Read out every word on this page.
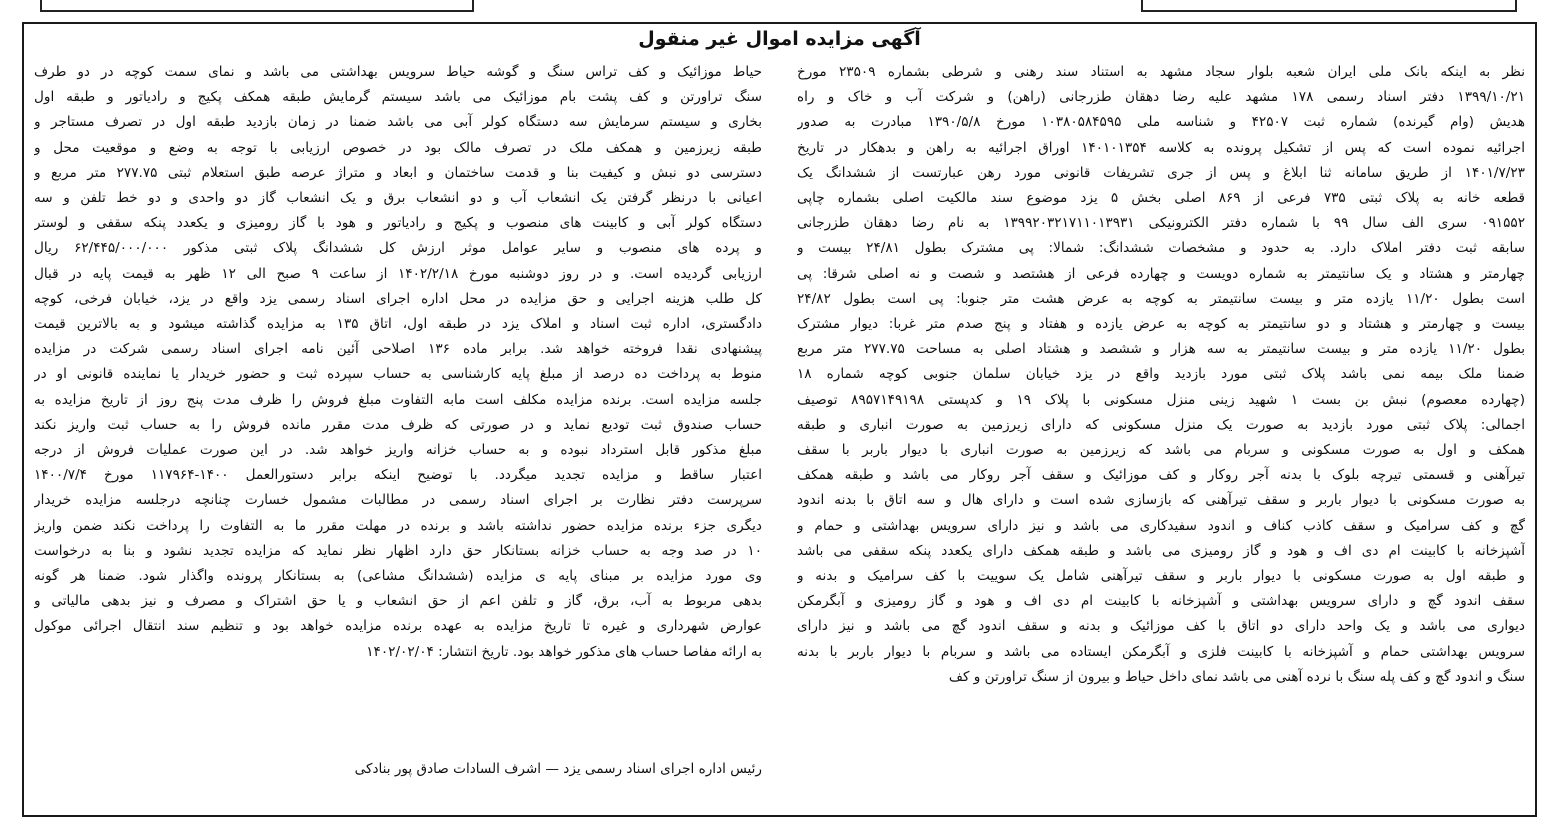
آگهی مزایده اموال غیر منقول
نظر به اینکه بانک ملی ایران شعبه بلوار سجاد مشهد به استناد سند رهنی و شرطی بشماره ۲۳۵۰۹ مورخ
۱۳۹۹/۱۰/۲۱ دفتر اسناد رسمی ۱۷۸ مشهد علیه رضا دهقان طزرجانی (راهن) و شرکت آب و خاک و راه
هدیش (وام گیرنده) شماره ثبت ۴۲۵۰۷ و شناسه ملی ۱۰۳۸۰۵۸۴۵۹۵ مورخ ۱۳۹۰/۵/۸ مبادرت به صدور
اجرائیه نموده است که پس از تشکیل پرونده به کلاسه ۱۴۰۱۰۱۳۵۴ اوراق اجرائیه به راهن و بدهکار در تاریخ
۱۴۰۱/۷/۲۳ از طریق سامانه ثنا ابلاغ و پس از جری تشریفات قانونی مورد رهن عبارتست از ششدانگ یک
قطعه خانه به پلاک ثبتی ۷۳۵ فرعی از ۸۶۹ اصلی بخش ۵ یزد موضوع سند مالکیت اصلی بشماره چاپی
۰۹۱۵۵۲ سری الف سال ۹۹ با شماره دفتر الکترونیکی ۱۳۹۹۲۰۳۲۱۷۱۱۰۱۳۹۳۱ به نام رضا دهقان طزرجانی
سابقه ثبت دفتر املاک دارد. به حدود و مشخصات ششدانگ: شمالا: پی مشترک بطول ۲۴/۸۱ بیست و
چهارمتر و هشتاد و یک سانتیمتر به شماره دویست و چهارده فرعی از هشتصد و شصت و نه اصلی شرقا: پی
است بطول ۱۱/۲۰ یازده متر و بیست سانتیمتر به کوچه به عرض هشت متر جنوبا: پی است بطول ۲۴/۸۲
بیست و چهارمتر و هشتاد و دو سانتیمتر به کوچه به عرض یازده و هفتاد و پنج صدم متر غربا: دیوار مشترک
بطول ۱۱/۲۰ یازده متر و بیست سانتیمتر به سه هزار و ششصد و هشتاد اصلی به مساحت ۲۷۷.۷۵ متر مربع
ضمنا ملک بیمه نمی باشد پلاک ثبتی مورد بازدید واقع در یزد خیابان سلمان جنوبی کوچه شماره ۱۸
(چهارده معصوم) نبش بن بست ۱ شهید زینی منزل مسکونی با پلاک ۱۹ و کدپستی ۸۹۵۷۱۴۹۱۹۸ توصیف
اجمالی: پلاک ثبتی مورد بازدید به صورت یک منزل مسکونی که دارای زیرزمین به صورت انباری و طبقه
همکف و اول به صورت مسکونی و سربام می باشد که زیرزمین به صورت انباری با دیوار باربر با سقف
تیرآهنی و قسمتی تیرچه بلوک با بدنه آجر روکار و کف موزائیک و سقف آجر روکار می باشد و طبقه همکف
به صورت مسکونی با دیوار باربر و سقف تیرآهنی که بازسازی شده است و دارای هال و سه اتاق با بدنه اندود
گچ و کف سرامیک و سقف کاذب کناف و اندود سفیدکاری می باشد و نیز دارای سرویس بهداشتی و حمام و
آشپزخانه با کابینت ام دی اف و هود و گاز رومیزی می باشد و طبقه همکف دارای یکعدد پنکه سقفی می باشد
و طبقه اول به صورت مسکونی با دیوار باربر و سقف تیرآهنی شامل یک سوییت با کف سرامیک و بدنه و
سقف اندود گچ و دارای سرویس بهداشتی و آشپزخانه با کابینت ام دی اف و هود و گاز رومیزی و آبگرمکن
دیواری می باشد و یک واحد دارای دو اتاق با کف موزائیک و بدنه و سقف اندود گچ می باشد و نیز دارای
سرویس بهداشتی حمام و آشپزخانه با کابینت فلزی و آبگرمکن ایستاده می باشد و سربام با دیوار باربر با بدنه
سنگ و اندود گچ و کف پله سنگ با نرده آهنی می باشد نمای داخل حیاط و بیرون از سنگ تراورتن و کف
حیاط موزائیک و کف تراس سنگ و گوشه حیاط سرویس بهداشتی می باشد و نمای سمت کوچه در دو طرف
سنگ تراورتن و کف پشت بام موزائیک می باشد سیستم گرمایش طبقه همکف پکیج و رادیاتور و طبقه اول
بخاری و سیستم سرمایش سه دستگاه کولر آبی می باشد ضمنا در زمان بازدید طبقه اول در تصرف مستاجر و
طبقه زیرزمین و همکف ملک در تصرف مالک بود در خصوص ارزیابی با توجه به وضع و موقعیت محل و
دسترسی دو نبش و کیفیت بنا و قدمت ساختمان و ابعاد و متراژ عرصه طبق استعلام ثبتی ۲۷۷.۷۵ متر مربع و
اعیانی با درنظر گرفتن یک انشعاب آب و دو انشعاب برق و یک انشعاب گاز دو واحدی و دو خط تلفن و سه
دستگاه کولر آبی و کابینت های منصوب و پکیج و رادیاتور و هود با گاز رومیزی و یکعدد پنکه سقفی و لوستر
و پرده های منصوب و سایر عوامل موثر ارزش کل ششدانگ پلاک ثبتی مذکور ۶۲/۴۴۵/۰۰۰/۰۰۰ ریال
ارزیابی گردیده است. و در روز دوشنبه مورخ ۱۴۰۲/۲/۱۸ از ساعت ۹ صبح الی ۱۲ ظهر به قیمت پایه در قبال
کل طلب هزینه اجرایی و حق مزایده در محل اداره اجرای اسناد رسمی یزد واقع در یزد، خیابان فرخی، کوچه
دادگستری، اداره ثبت اسناد و املاک یزد در طبقه اول، اتاق ۱۳۵ به مزایده گذاشته میشود و به بالاترین قیمت
پیشنهادی نقدا فروخته خواهد شد. برابر ماده ۱۳۶ اصلاحی آئین نامه اجرای اسناد رسمی شرکت در مزایده
منوط به پرداخت ده درصد از مبلغ پایه کارشناسی به حساب سپرده ثبت و حضور خریدار یا نماینده قانونی او در
جلسه مزایده است. برنده مزایده مکلف است مابه التفاوت مبلغ فروش را ظرف مدت پنج روز از تاریخ مزایده به
حساب صندوق ثبت تودیع نماید و در صورتی که ظرف مدت مقرر مانده فروش را به حساب ثبت واریز نکند
مبلغ مذکور قابل استرداد نبوده و به حساب خزانه واریز خواهد شد. در این صورت عملیات فروش از درجه
اعتبار ساقط و مزایده تجدید میگردد. با توضیح اینکه برابر دستورالعمل ۱۴۰۰-۱۱۷۹۶۴ مورخ ۱۴۰۰/۷/۴
سرپرست دفتر نظارت بر اجرای اسناد رسمی در مطالبات مشمول خسارت چنانچه درجلسه مزایده خریدار
دیگری جزء برنده مزایده حضور نداشته باشد و برنده در مهلت مقرر ما به التفاوت را پرداخت نکند ضمن واریز
۱۰ در صد وجه به حساب خزانه بستانکار حق دارد اظهار نظر نماید که مزایده تجدید نشود و بنا به درخواست
وی مورد مزایده بر مبنای پایه ی مزایده (ششدانگ مشاعی) به بستانکار پرونده واگذار شود. ضمنا هر گونه
بدهی مربوط به آب، برق، گاز و تلفن اعم از حق انشعاب و یا حق اشتراک و مصرف و نیز بدهی مالیاتی و
عوارض شهرداری و غیره تا تاریخ مزایده به عهده برنده مزایده خواهد بود و تنظیم سند انتقال اجرائی موکول
به ارائه مفاصا حساب های مذکور خواهد بود. تاریخ انتشار: ۱۴۰۲/۰۲/۰۴
رئیس اداره اجرای اسناد رسمی یزد — اشرف السادات صادق پور بنادکی
